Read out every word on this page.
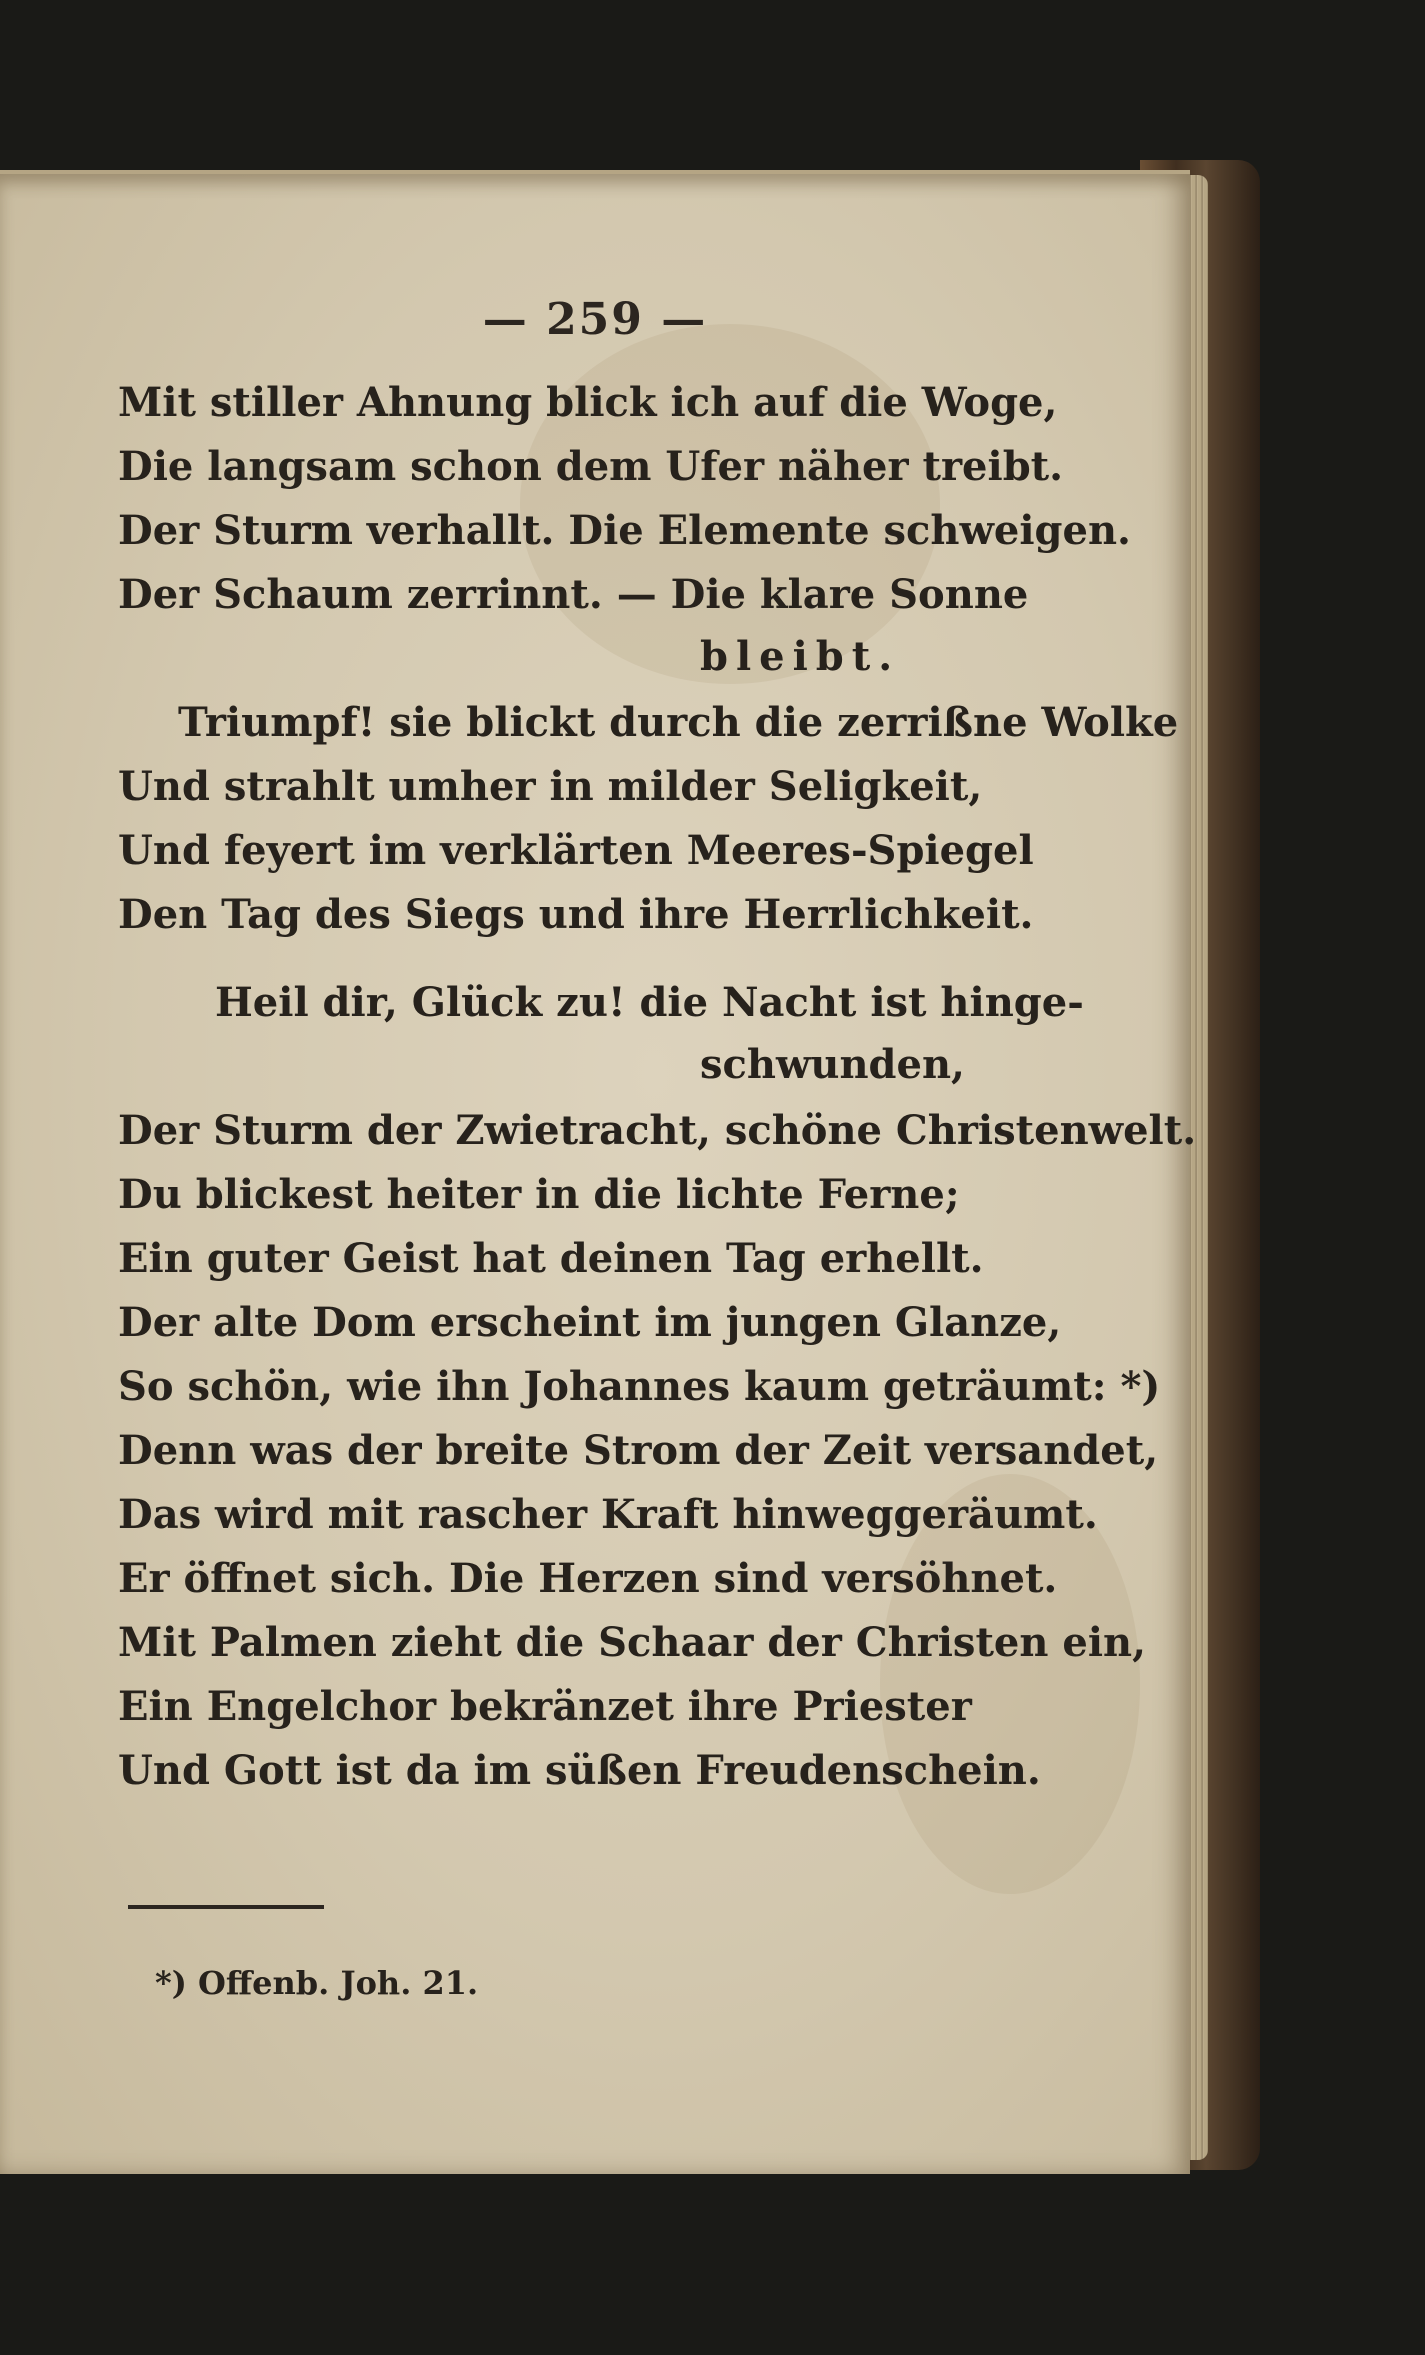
— 259 —
Mit stiller Ahnung blick ich auf die Woge,
Die langsam schon dem Ufer näher treibt.
Der Sturm verhallt. Die Elemente schweigen.
Der Schaum zerrinnt. — Die klare Sonne
bleibt.
Triumpf! sie blickt durch die zerrißne Wolke
Und strahlt umher in milder Seligkeit,
Und feyert im verklärten Meeres-Spiegel
Den Tag des Siegs und ihre Herrlichkeit.
Heil dir, Glück zu! die Nacht ist hinge-
schwunden,
Der Sturm der Zwietracht, schöne Christenwelt.
Du blickest heiter in die lichte Ferne;
Ein guter Geist hat deinen Tag erhellt.
Der alte Dom erscheint im jungen Glanze,
So schön, wie ihn Johannes kaum geträumt: *)
Denn was der breite Strom der Zeit versandet,
Das wird mit rascher Kraft hinweggeräumt.
Er öffnet sich. Die Herzen sind versöhnet.
Mit Palmen zieht die Schaar der Christen ein,
Ein Engelchor bekränzet ihre Priester
Und Gott ist da im süßen Freudenschein.
*) Offenb. Joh. 21.
